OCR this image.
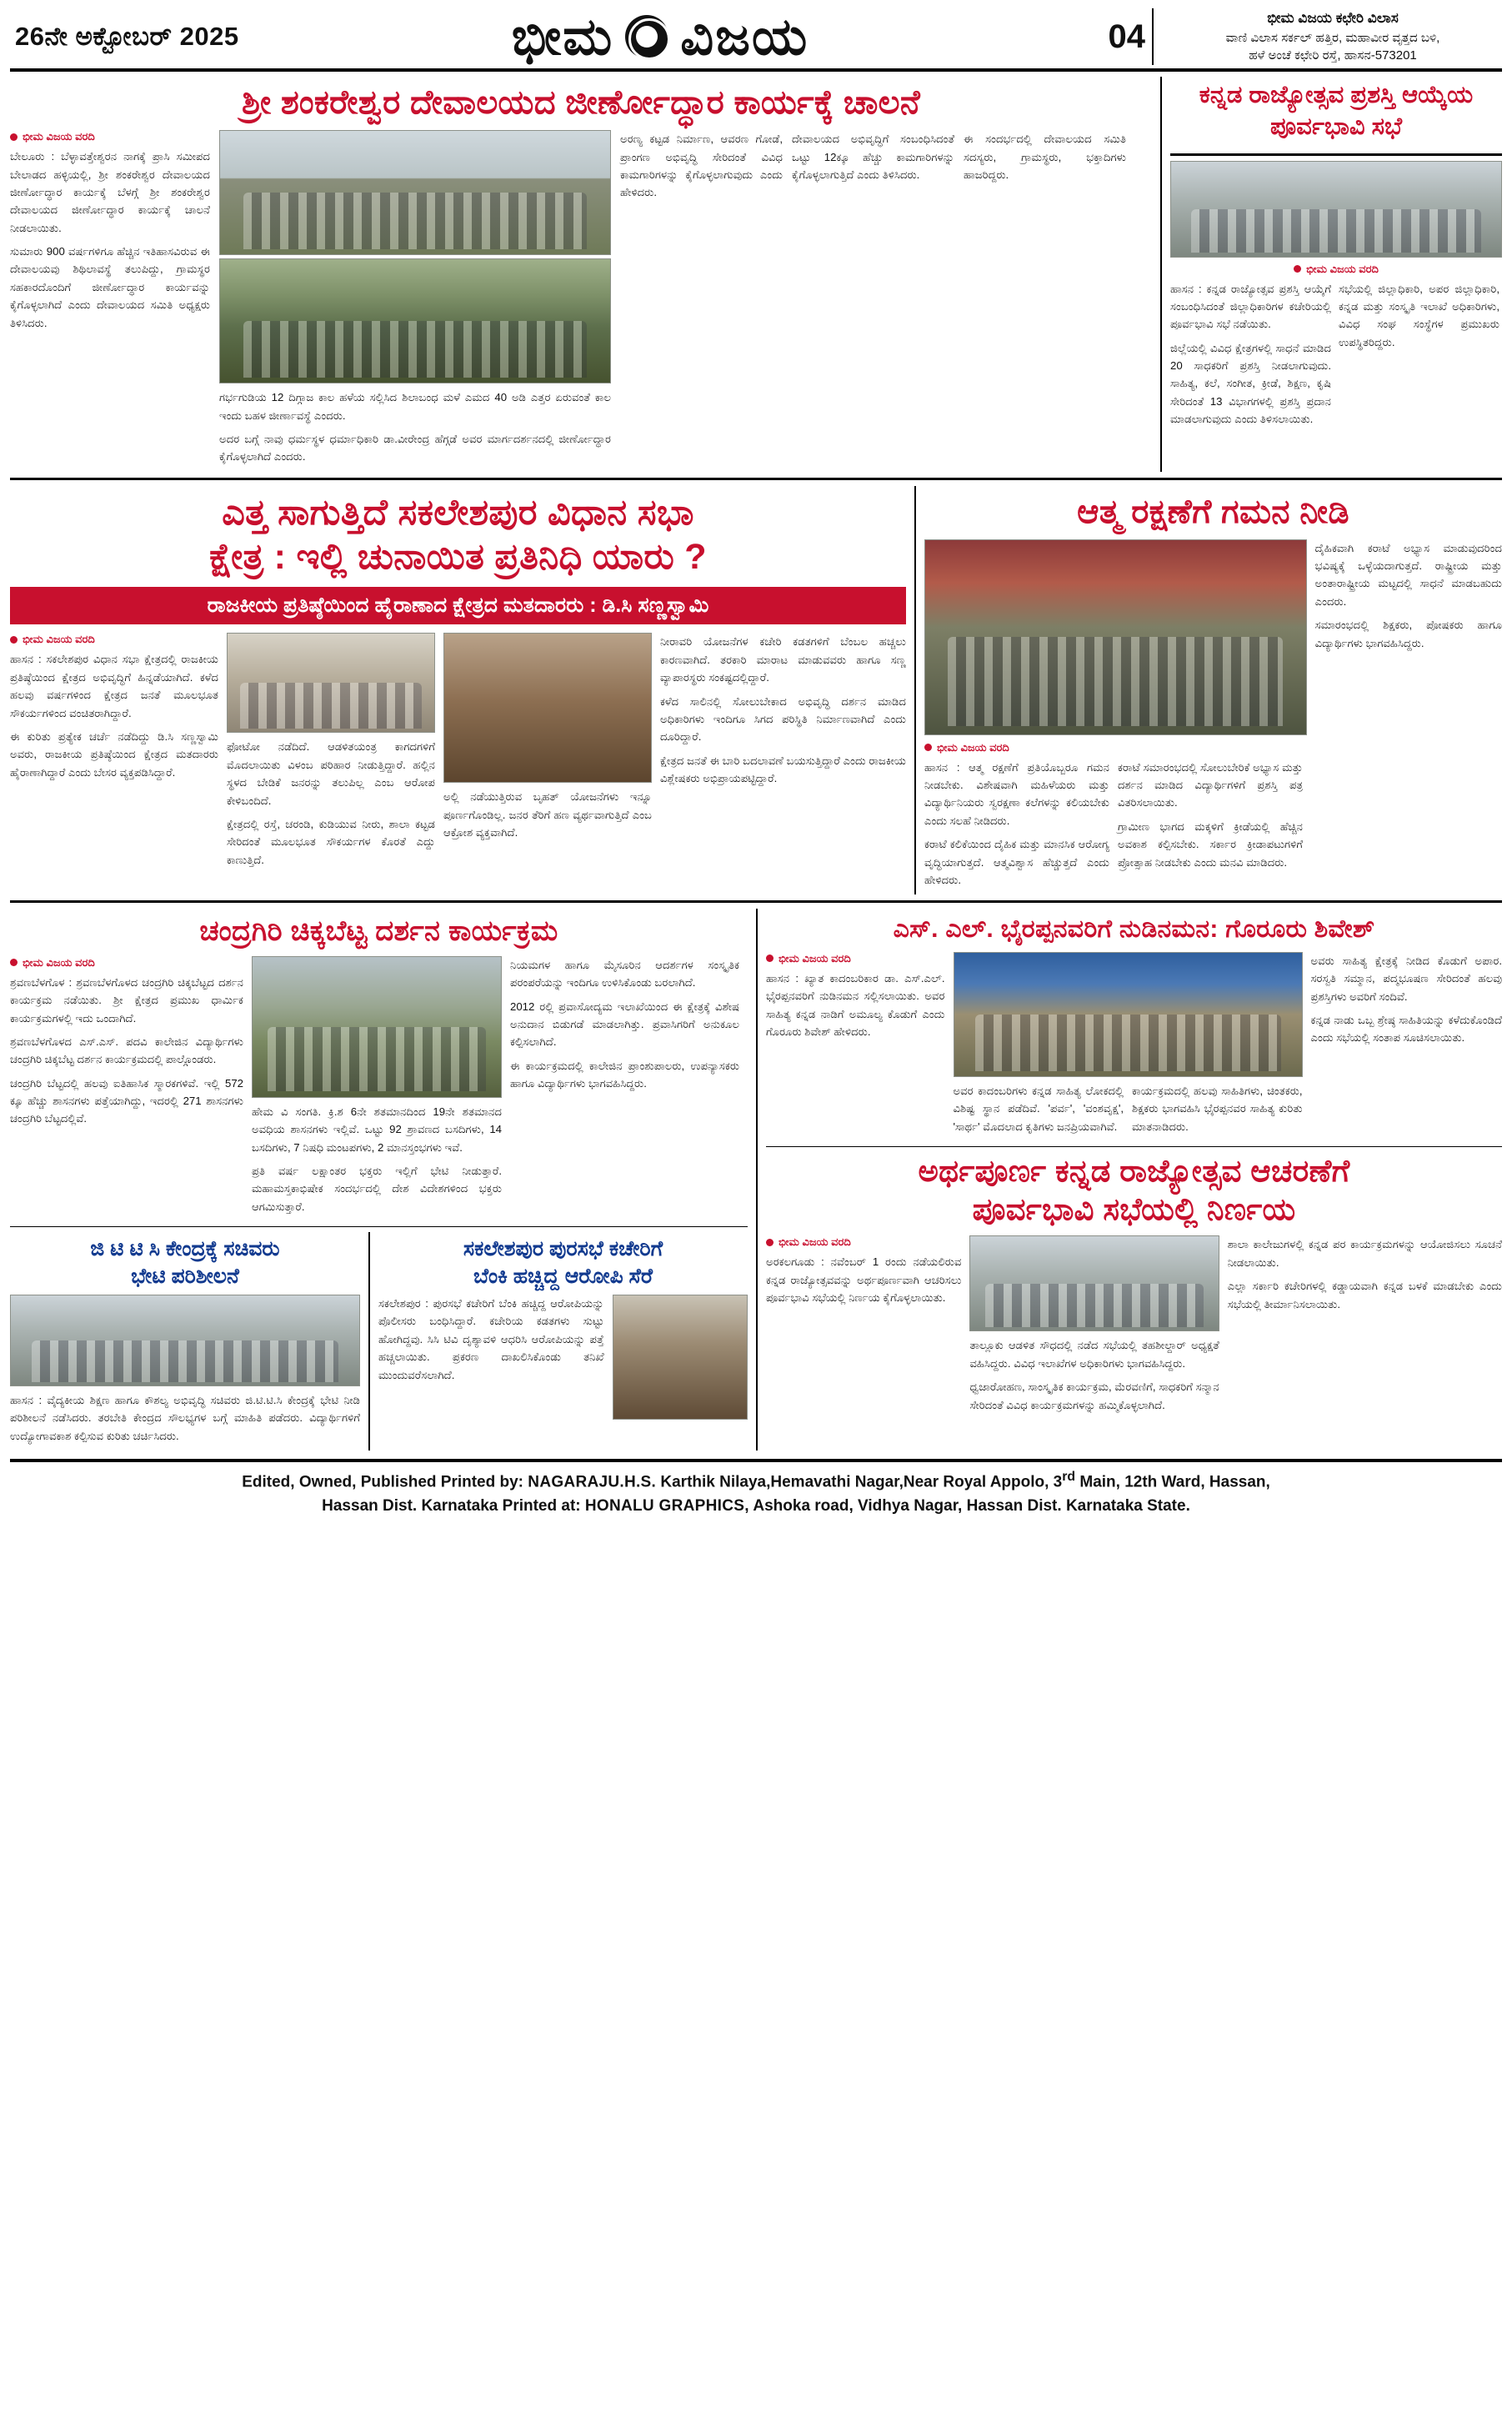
26ನೇ ಅಕ್ಟೋಬರ್ 2025	ಭೀಮ ವಿಜಯ	04
ಭೀಮ ವಿಜಯ ಕಛೇರಿ ವಿಲಾಸ
ವಾಣಿ ವಿಲಾಸ ಸರ್ಕಲ್ ಹತ್ತಿರ, ಮಹಾವೀರ ವೃತ್ತದ ಬಳಿ,
ಹಳೆ ಅಂಚೆ ಕಛೇರಿ ರಸ್ತೆ, ಹಾಸನ-573201
ಶ್ರೀ ಶಂಕರೇಶ್ವರ ದೇವಾಲಯದ ಜೀರ್ಣೋದ್ಧಾರ ಕಾರ್ಯಕ್ಕೆ ಚಾಲನೆ
ಭೀಮ ವಿಜಯ ವರದಿ

ಬೇಲೂರು : ಬೆಳ್ಳಾವತ್ತೇಶ್ವರನ ನಾಗಕ್ಕೆ ಪ್ರಾಸಿ ಸಮೀಪದ ಬೇಲಾಡದ ಹಳ್ಳಿಯಲ್ಲಿ, ಶ್ರೀ ಶಂಕರೇಶ್ವರ ದೇವಾಲಯದ ಜೀರ್ಣೋದ್ಧಾರ ಕಾರ್ಯಕ್ಕೆ ಬೆಳಗ್ಗೆ ಶ್ರೀ ಶಂಕರೇಶ್ವರ ದೇವಾಲಯದ ಜೀರ್ಣೋದ್ಧಾರ ಕಾರ್ಯಕ್ಕೆ ಚಾಲನೆ ನೀಡಲಾಯಿತು.

ಸುಮಾರು 900 ವರ್ಷಗಳಿಗೂ ಹೆಚ್ಚಿನ ಇತಿಹಾಸವಿರುವ ಈ ದೇವಾಲಯವು ಶಿಥಿಲಾವಸ್ಥೆ ತಲುಪಿದ್ದು, ಗ್ರಾಮಸ್ಥರ ಸಹಕಾರದೊಂದಿಗೆ ಜೀರ್ಣೋದ್ಧಾರ ಕಾರ್ಯವನ್ನು ಕೈಗೊಳ್ಳಲಾಗಿದೆ ಎಂದು ದೇವಾಲಯದ ಸಮಿತಿ ಅಧ್ಯಕ್ಷರು ತಿಳಿಸಿದರು.

ಗರ್ಭಗುಡಿಯ 12 ದಿಗ್ಗಾಜ ಕಾಲ ಹಳೆಯ ಸಲ್ಲಿಸಿದ ಶಿಲಾಬಂಧ ಮಳೆ ಎಮದ 40 ಅಡಿ ಎತ್ತರ ಏರುವಂತೆ ಕಾಲ ಇಂದು ಬಹಳ ಜೀರ್ಣಾವಸ್ಥೆ ಎಂದರು.

ಅದರ ಬಗ್ಗೆ ನಾವು ಧರ್ಮಸ್ಥಳ ಧರ್ಮಾಧಿಕಾರಿ ಡಾ.ವೀರೇಂದ್ರ ಹೆಗ್ಗಡೆ ಅವರ ಮಾರ್ಗದರ್ಶನದಲ್ಲಿ ಜೀರ್ಣೋದ್ಧಾರ ಕೈಗೊಳ್ಳಲಾಗಿದೆ ಎಂದರು.

ಅರಣ್ಯ ಕಟ್ಟಡ ನಿರ್ಮಾಣ, ಆವರಣ ಗೋಡೆ, ಪ್ರಾಂಗಣ ಅಭಿವೃದ್ಧಿ ಸೇರಿದಂತೆ ವಿವಿಧ ಕಾಮಗಾರಿಗಳನ್ನು ಕೈಗೊಳ್ಳಲಾಗುವುದು ಎಂದು ಹೇಳಿದರು.

ದೇವಾಲಯದ ಅಭಿವೃದ್ಧಿಗೆ ಸಂಬಂಧಿಸಿದಂತೆ ಒಟ್ಟು 12ಕ್ಕೂ ಹೆಚ್ಚು ಕಾಮಗಾರಿಗಳನ್ನು ಕೈಗೊಳ್ಳಲಾಗುತ್ತಿದೆ ಎಂದು ತಿಳಿಸಿದರು.

ಈ ಸಂದರ್ಭದಲ್ಲಿ ದೇವಾಲಯದ ಸಮಿತಿ ಸದಸ್ಯರು, ಗ್ರಾಮಸ್ಥರು, ಭಕ್ತಾದಿಗಳು ಹಾಜರಿದ್ದರು.

ಕನ್ನಡ ರಾಜ್ಯೋತ್ಸವ ಪ್ರಶಸ್ತಿ ಆಯ್ಕೆಯ ಪೂರ್ವಭಾವಿ ಸಭೆ
ಭೀಮ ವಿಜಯ ವರದಿ

ಹಾಸನ : ಕನ್ನಡ ರಾಜ್ಯೋತ್ಸವ ಪ್ರಶಸ್ತಿ ಆಯ್ಕೆಗೆ ಸಂಬಂಧಿಸಿದಂತೆ ಜಿಲ್ಲಾಧಿಕಾರಿಗಳ ಕಚೇರಿಯಲ್ಲಿ ಪೂರ್ವಭಾವಿ ಸಭೆ ನಡೆಯಿತು.

ಜಿಲ್ಲೆಯಲ್ಲಿ ವಿವಿಧ ಕ್ಷೇತ್ರಗಳಲ್ಲಿ ಸಾಧನೆ ಮಾಡಿದ 20 ಸಾಧಕರಿಗೆ ಪ್ರಶಸ್ತಿ ನೀಡಲಾಗುವುದು. ಸಾಹಿತ್ಯ, ಕಲೆ, ಸಂಗೀತ, ಕ್ರೀಡೆ, ಶಿಕ್ಷಣ, ಕೃಷಿ ಸೇರಿದಂತೆ 13 ವಿಭಾಗಗಳಲ್ಲಿ ಪ್ರಶಸ್ತಿ ಪ್ರದಾನ ಮಾಡಲಾಗುವುದು ಎಂದು ತಿಳಿಸಲಾಯಿತು.

ಸಭೆಯಲ್ಲಿ ಜಿಲ್ಲಾಧಿಕಾರಿ, ಅಪರ ಜಿಲ್ಲಾಧಿಕಾರಿ, ಕನ್ನಡ ಮತ್ತು ಸಂಸ್ಕೃತಿ ಇಲಾಖೆ ಅಧಿಕಾರಿಗಳು, ವಿವಿಧ ಸಂಘ ಸಂಸ್ಥೆಗಳ ಪ್ರಮುಖರು ಉಪಸ್ಥಿತರಿದ್ದರು.

ಎತ್ತ ಸಾಗುತ್ತಿದೆ ಸಕಲೇಶಪುರ ವಿಧಾನ ಸಭಾ
ಕ್ಷೇತ್ರ : ಇಲ್ಲಿ ಚುನಾಯಿತ ಪ್ರತಿನಿಧಿ ಯಾರು ?
ರಾಜಕೀಯ ಪ್ರತಿಷ್ಠೆಯಿಂದ ಹೈರಾಣಾದ ಕ್ಷೇತ್ರದ ಮತದಾರರು : ಡಿ.ಸಿ ಸಣ್ಣಸ್ವಾಮಿ
ಭೀಮ ವಿಜಯ ವರದಿ

ಹಾಸನ : ಸಕಲೇಶಪುರ ವಿಧಾನ ಸಭಾ ಕ್ಷೇತ್ರದಲ್ಲಿ ರಾಜಕೀಯ ಪ್ರತಿಷ್ಠೆಯಿಂದ ಕ್ಷೇತ್ರದ ಅಭಿವೃದ್ಧಿಗೆ ಹಿನ್ನಡೆಯಾಗಿದೆ. ಕಳೆದ ಹಲವು ವರ್ಷಗಳಿಂದ ಕ್ಷೇತ್ರದ ಜನತೆ ಮೂಲಭೂತ ಸೌಕರ್ಯಗಳಿಂದ ವಂಚಿತರಾಗಿದ್ದಾರೆ.

ಈ ಕುರಿತು ಪ್ರತ್ಯೇಕ ಚರ್ಚೆ ನಡೆದಿದ್ದು ಡಿ.ಸಿ ಸಣ್ಣಸ್ವಾಮಿ ಅವರು, ರಾಜಕೀಯ ಪ್ರತಿಷ್ಠೆಯಿಂದ ಕ್ಷೇತ್ರದ ಮತದಾರರು ಹೈರಾಣಾಗಿದ್ದಾರೆ ಎಂದು ಬೇಸರ ವ್ಯಕ್ತಪಡಿಸಿದ್ದಾರೆ.

ಫೋಟೋ ನಡೆದಿದೆ. ಆಡಳಿತಯಂತ್ರ ಕಾಗದಗಳಿಗೆ ಮೊದಲಾಯಿತು ವಿಳಂಬ ಪರಿಹಾರ ನೀಡುತ್ತಿದ್ದಾರೆ. ಹಲ್ಲಿನ ಸ್ಥಳದ ಬೇಡಿಕೆ ಜನರನ್ನು ತಲುಪಿಲ್ಲ ಎಂಬ ಆರೋಪ ಕೇಳಿಬಂದಿದೆ.

ಕ್ಷೇತ್ರದಲ್ಲಿ ರಸ್ತೆ, ಚರಂಡಿ, ಕುಡಿಯುವ ನೀರು, ಶಾಲಾ ಕಟ್ಟಡ ಸೇರಿದಂತೆ ಮೂಲಭೂತ ಸೌಕರ್ಯಗಳ ಕೊರತೆ ಎದ್ದು ಕಾಣುತ್ತಿದೆ.

ಅಲ್ಲಿ ನಡೆಯುತ್ತಿರುವ ಬೃಹತ್ ಯೋಜನೆಗಳು ಇನ್ನೂ ಪೂರ್ಣಗೊಂಡಿಲ್ಲ. ಜನರ ತೆರಿಗೆ ಹಣ ವ್ಯರ್ಥವಾಗುತ್ತಿದೆ ಎಂಬ ಆಕ್ರೋಶ ವ್ಯಕ್ತವಾಗಿದೆ.

ನೀರಾವರಿ ಯೋಜನೆಗಳ ಕಚೇರಿ ಕಡತಗಳಿಗೆ ಬೆಂಬಲ ಹಚ್ಚಲು ಕಾರಣವಾಗಿದೆ. ತರಕಾರಿ ಮಾರಾಟ ಮಾಡುವವರು ಹಾಗೂ ಸಣ್ಣ ವ್ಯಾಪಾರಸ್ಥರು ಸಂಕಷ್ಟದಲ್ಲಿದ್ದಾರೆ.

ಕಳೆದ ಸಾಲಿನಲ್ಲಿ ಸೋಲುಬೇಕಾದ ಅಭಿವೃದ್ಧಿ ದರ್ಶನ ಮಾಡಿದ ಅಧಿಕಾರಿಗಳು ಇಂದಿಗೂ ಸಿಗದ ಪರಿಸ್ಥಿತಿ ನಿರ್ಮಾಣವಾಗಿದೆ ಎಂದು ದೂರಿದ್ದಾರೆ.

ಕ್ಷೇತ್ರದ ಜನತೆ ಈ ಬಾರಿ ಬದಲಾವಣೆ ಬಯಸುತ್ತಿದ್ದಾರೆ ಎಂದು ರಾಜಕೀಯ ವಿಶ್ಲೇಷಕರು ಅಭಿಪ್ರಾಯಪಟ್ಟಿದ್ದಾರೆ.

ಆತ್ಮ ರಕ್ಷಣೆಗೆ ಗಮನ ನೀಡಿ
ಭೀಮ ವಿಜಯ ವರದಿ

ಹಾಸನ : ಆತ್ಮ ರಕ್ಷಣೆಗೆ ಪ್ರತಿಯೊಬ್ಬರೂ ಗಮನ ನೀಡಬೇಕು. ವಿಶೇಷವಾಗಿ ಮಹಿಳೆಯರು ಮತ್ತು ವಿದ್ಯಾರ್ಥಿನಿಯರು ಸ್ವರಕ್ಷಣಾ ಕಲೆಗಳನ್ನು ಕಲಿಯಬೇಕು ಎಂದು ಸಲಹೆ ನೀಡಿದರು.

ಕರಾಟೆ ಕಲಿಕೆಯಿಂದ ದೈಹಿಕ ಮತ್ತು ಮಾನಸಿಕ ಆರೋಗ್ಯ ವೃದ್ಧಿಯಾಗುತ್ತದೆ. ಆತ್ಮವಿಶ್ವಾಸ ಹೆಚ್ಚುತ್ತದೆ ಎಂದು ಹೇಳಿದರು.

ಕರಾಟೆ ಸಮಾರಂಭದಲ್ಲಿ ಸೋಲುಬೇರಿಕೆ ಅಭ್ಯಾಸ ಮತ್ತು ದರ್ಶನ ಮಾಡಿದ ವಿದ್ಯಾರ್ಥಿಗಳಿಗೆ ಪ್ರಶಸ್ತಿ ಪತ್ರ ವಿತರಿಸಲಾಯಿತು.

ಗ್ರಾಮೀಣ ಭಾಗದ ಮಕ್ಕಳಿಗೆ ಕ್ರೀಡೆಯಲ್ಲಿ ಹೆಚ್ಚಿನ ಅವಕಾಶ ಕಲ್ಪಿಸಬೇಕು. ಸರ್ಕಾರ ಕ್ರೀಡಾಪಟುಗಳಿಗೆ ಪ್ರೋತ್ಸಾಹ ನೀಡಬೇಕು ಎಂದು ಮನವಿ ಮಾಡಿದರು.

ದೈಹಿಕವಾಗಿ ಕರಾಟೆ ಅಭ್ಯಾಸ ಮಾಡುವುದರಿಂದ ಭವಿಷ್ಯಕ್ಕೆ ಒಳ್ಳೆಯದಾಗುತ್ತದೆ. ರಾಷ್ಟ್ರೀಯ ಮತ್ತು ಅಂತಾರಾಷ್ಟ್ರೀಯ ಮಟ್ಟದಲ್ಲಿ ಸಾಧನೆ ಮಾಡಬಹುದು ಎಂದರು.

ಸಮಾರಂಭದಲ್ಲಿ ಶಿಕ್ಷಕರು, ಪೋಷಕರು ಹಾಗೂ ವಿದ್ಯಾರ್ಥಿಗಳು ಭಾಗವಹಿಸಿದ್ದರು.

ಚಂದ್ರಗಿರಿ ಚಿಕ್ಕಬೆಟ್ಟ ದರ್ಶನ ಕಾರ್ಯಕ್ರಮ
ಭೀಮ ವಿಜಯ ವರದಿ

ಶ್ರವಣಬೆಳಗೊಳ : ಶ್ರವಣಬೆಳಗೊಳದ ಚಂದ್ರಗಿರಿ ಚಿಕ್ಕಬೆಟ್ಟದ ದರ್ಶನ ಕಾರ್ಯಕ್ರಮ ನಡೆಯಿತು. ಶ್ರೀ ಕ್ಷೇತ್ರದ ಪ್ರಮುಖ ಧಾರ್ಮಿಕ ಕಾರ್ಯಕ್ರಮಗಳಲ್ಲಿ ಇದು ಒಂದಾಗಿದೆ.

ಶ್ರವಣಬೆಳಗೊಳದ ಎಸ್.ಎಸ್. ಪದವಿ ಕಾಲೇಜಿನ ವಿದ್ಯಾರ್ಥಿಗಳು ಚಂದ್ರಗಿರಿ ಚಿಕ್ಕಬೆಟ್ಟ ದರ್ಶನ ಕಾರ್ಯಕ್ರಮದಲ್ಲಿ ಪಾಲ್ಗೊಂಡರು.

ಚಂದ್ರಗಿರಿ ಬೆಟ್ಟದಲ್ಲಿ ಹಲವು ಐತಿಹಾಸಿಕ ಸ್ಮಾರಕಗಳಿವೆ. ಇಲ್ಲಿ 572 ಕ್ಕೂ ಹೆಚ್ಚು ಶಾಸನಗಳು ಪತ್ತೆಯಾಗಿದ್ದು, ಇದರಲ್ಲಿ 271 ಶಾಸನಗಳು ಚಂದ್ರಗಿರಿ ಬೆಟ್ಟದಲ್ಲಿವೆ.

ಹೇಮ ವಿ ಸಂಗತಿ. ಕ್ರಿ.ಶ 6ನೇ ಶತಮಾನದಿಂದ 19ನೇ ಶತಮಾನದ ಅವಧಿಯ ಶಾಸನಗಳು ಇಲ್ಲಿವೆ. ಒಟ್ಟು 92 ಶ್ರಾವಣದ ಬಸದಿಗಳು, 14 ಬಸದಿಗಳು, 7 ನಿಷಧಿ ಮಂಟಪಗಳು, 2 ಮಾನಸ್ತಂಭಗಳು ಇವೆ.

ಪ್ರತಿ ವರ್ಷ ಲಕ್ಷಾಂತರ ಭಕ್ತರು ಇಲ್ಲಿಗೆ ಭೇಟಿ ನೀಡುತ್ತಾರೆ. ಮಹಾಮಸ್ತಕಾಭಿಷೇಕ ಸಂದರ್ಭದಲ್ಲಿ ದೇಶ ವಿದೇಶಗಳಿಂದ ಭಕ್ತರು ಆಗಮಿಸುತ್ತಾರೆ.

ನಿಯಮಗಳ ಹಾಗೂ ಮೈಸೂರಿನ ಆದರ್ಶಗಳ ಸಂಸ್ಕೃತಿಕ ಪರಂಪರೆಯನ್ನು ಇಂದಿಗೂ ಉಳಿಸಿಕೊಂಡು ಬರಲಾಗಿದೆ.

2012 ರಲ್ಲಿ ಪ್ರವಾಸೋದ್ಯಮ ಇಲಾಖೆಯಿಂದ ಈ ಕ್ಷೇತ್ರಕ್ಕೆ ವಿಶೇಷ ಅನುದಾನ ಬಿಡುಗಡೆ ಮಾಡಲಾಗಿತ್ತು. ಪ್ರವಾಸಿಗರಿಗೆ ಅನುಕೂಲ ಕಲ್ಪಿಸಲಾಗಿದೆ.

ಈ ಕಾರ್ಯಕ್ರಮದಲ್ಲಿ ಕಾಲೇಜಿನ ಪ್ರಾಂಶುಪಾಲರು, ಉಪನ್ಯಾಸಕರು ಹಾಗೂ ವಿದ್ಯಾರ್ಥಿಗಳು ಭಾಗವಹಿಸಿದ್ದರು.

ಜಿ ಟಿ ಟಿ ಸಿ ಕೇಂದ್ರಕ್ಕೆ ಸಚಿವರು
ಭೇಟಿ ಪರಿಶೀಲನೆ

ಹಾಸನ : ವೈದ್ಯಕೀಯ ಶಿಕ್ಷಣ ಹಾಗೂ ಕೌಶಲ್ಯ ಅಭಿವೃದ್ಧಿ ಸಚಿವರು ಜಿ.ಟಿ.ಟಿ.ಸಿ ಕೇಂದ್ರಕ್ಕೆ ಭೇಟಿ ನೀಡಿ ಪರಿಶೀಲನೆ ನಡೆಸಿದರು. ತರಬೇತಿ ಕೇಂದ್ರದ ಸೌಲಭ್ಯಗಳ ಬಗ್ಗೆ ಮಾಹಿತಿ ಪಡೆದರು. ವಿದ್ಯಾರ್ಥಿಗಳಿಗೆ ಉದ್ಯೋಗಾವಕಾಶ ಕಲ್ಪಿಸುವ ಕುರಿತು ಚರ್ಚಿಸಿದರು.

ಸಕಲೇಶಪುರ ಪುರಸಭೆ ಕಚೇರಿಗೆ
ಬೆಂಕಿ ಹಚ್ಚಿದ್ದ ಆರೋಪಿ ಸೆರೆ

ಸಕಲೇಶಪುರ : ಪುರಸಭೆ ಕಚೇರಿಗೆ ಬೆಂಕಿ ಹಚ್ಚಿದ್ದ ಆರೋಪಿಯನ್ನು ಪೊಲೀಸರು ಬಂಧಿಸಿದ್ದಾರೆ. ಕಚೇರಿಯ ಕಡತಗಳು ಸುಟ್ಟು ಹೋಗಿದ್ದವು. ಸಿಸಿ ಟಿವಿ ದೃಶ್ಯಾವಳಿ ಆಧರಿಸಿ ಆರೋಪಿಯನ್ನು ಪತ್ತೆ ಹಚ್ಚಲಾಯಿತು. ಪ್ರಕರಣ ದಾಖಲಿಸಿಕೊಂಡು ತನಿಖೆ ಮುಂದುವರೆಸಲಾಗಿದೆ.

ಎಸ್. ಎಲ್. ಭೈರಪ್ಪನವರಿಗೆ ನುಡಿನಮನ: ಗೊರೂರು ಶಿವೇಶ್
ಭೀಮ ವಿಜಯ ವರದಿ

ಹಾಸನ : ಖ್ಯಾತ ಕಾದಂಬರಿಕಾರ ಡಾ. ಎಸ್.ಎಲ್. ಭೈರಪ್ಪನವರಿಗೆ ನುಡಿನಮನ ಸಲ್ಲಿಸಲಾಯಿತು. ಅವರ ಸಾಹಿತ್ಯ ಕನ್ನಡ ನಾಡಿಗೆ ಅಮೂಲ್ಯ ಕೊಡುಗೆ ಎಂದು ಗೊರೂರು ಶಿವೇಶ್ ಹೇಳಿದರು.

ಅವರ ಕಾದಂಬರಿಗಳು ಕನ್ನಡ ಸಾಹಿತ್ಯ ಲೋಕದಲ್ಲಿ ವಿಶಿಷ್ಟ ಸ್ಥಾನ ಪಡೆದಿವೆ. 'ಪರ್ವ', 'ವಂಶವೃಕ್ಷ', 'ಸಾರ್ಥ' ಮೊದಲಾದ ಕೃತಿಗಳು ಜನಪ್ರಿಯವಾಗಿವೆ.

ಕಾರ್ಯಕ್ರಮದಲ್ಲಿ ಹಲವು ಸಾಹಿತಿಗಳು, ಚಿಂತಕರು, ಶಿಕ್ಷಕರು ಭಾಗವಹಿಸಿ ಭೈರಪ್ಪನವರ ಸಾಹಿತ್ಯ ಕುರಿತು ಮಾತನಾಡಿದರು.

ಅವರು ಸಾಹಿತ್ಯ ಕ್ಷೇತ್ರಕ್ಕೆ ನೀಡಿದ ಕೊಡುಗೆ ಅಪಾರ. ಸರಸ್ವತಿ ಸಮ್ಮಾನ, ಪದ್ಮಭೂಷಣ ಸೇರಿದಂತೆ ಹಲವು ಪ್ರಶಸ್ತಿಗಳು ಅವರಿಗೆ ಸಂದಿವೆ.

ಕನ್ನಡ ನಾಡು ಒಬ್ಬ ಶ್ರೇಷ್ಠ ಸಾಹಿತಿಯನ್ನು ಕಳೆದುಕೊಂಡಿದೆ ಎಂದು ಸಭೆಯಲ್ಲಿ ಸಂತಾಪ ಸೂಚಿಸಲಾಯಿತು.

ಅರ್ಥಪೂರ್ಣ ಕನ್ನಡ ರಾಜ್ಯೋತ್ಸವ ಆಚರಣೆಗೆ
ಪೂರ್ವಭಾವಿ ಸಭೆಯಲ್ಲಿ ನಿರ್ಣಯ
ಭೀಮ ವಿಜಯ ವರದಿ

ಅರಕಲಗೂಡು : ನವೆಂಬರ್ 1 ರಂದು ನಡೆಯಲಿರುವ ಕನ್ನಡ ರಾಜ್ಯೋತ್ಸವವನ್ನು ಅರ್ಥಪೂರ್ಣವಾಗಿ ಆಚರಿಸಲು ಪೂರ್ವಭಾವಿ ಸಭೆಯಲ್ಲಿ ನಿರ್ಣಯ ಕೈಗೊಳ್ಳಲಾಯಿತು.

ತಾಲ್ಲೂಕು ಆಡಳಿತ ಸೌಧದಲ್ಲಿ ನಡೆದ ಸಭೆಯಲ್ಲಿ ತಹಶೀಲ್ದಾರ್ ಅಧ್ಯಕ್ಷತೆ ವಹಿಸಿದ್ದರು. ವಿವಿಧ ಇಲಾಖೆಗಳ ಅಧಿಕಾರಿಗಳು ಭಾಗವಹಿಸಿದ್ದರು.

ಧ್ವಜಾರೋಹಣ, ಸಾಂಸ್ಕೃತಿಕ ಕಾರ್ಯಕ್ರಮ, ಮೆರವಣಿಗೆ, ಸಾಧಕರಿಗೆ ಸನ್ಮಾನ ಸೇರಿದಂತೆ ವಿವಿಧ ಕಾರ್ಯಕ್ರಮಗಳನ್ನು ಹಮ್ಮಿಕೊಳ್ಳಲಾಗಿದೆ.

ಶಾಲಾ ಕಾಲೇಜುಗಳಲ್ಲಿ ಕನ್ನಡ ಪರ ಕಾರ್ಯಕ್ರಮಗಳನ್ನು ಆಯೋಜಿಸಲು ಸೂಚನೆ ನೀಡಲಾಯಿತು.

ಎಲ್ಲಾ ಸರ್ಕಾರಿ ಕಚೇರಿಗಳಲ್ಲಿ ಕಡ್ಡಾಯವಾಗಿ ಕನ್ನಡ ಬಳಕೆ ಮಾಡಬೇಕು ಎಂದು ಸಭೆಯಲ್ಲಿ ತೀರ್ಮಾನಿಸಲಾಯಿತು.

Edited, Owned, Published Printed by: NAGARAJU.H.S. Karthik Nilaya,Hemavathi Nagar,Near Royal Appolo, 3rd Main, 12th Ward, Hassan,
Hassan Dist. Karnataka Printed at: HONALU GRAPHICS, Ashoka road, Vidhya Nagar, Hassan Dist. Karnataka State.
